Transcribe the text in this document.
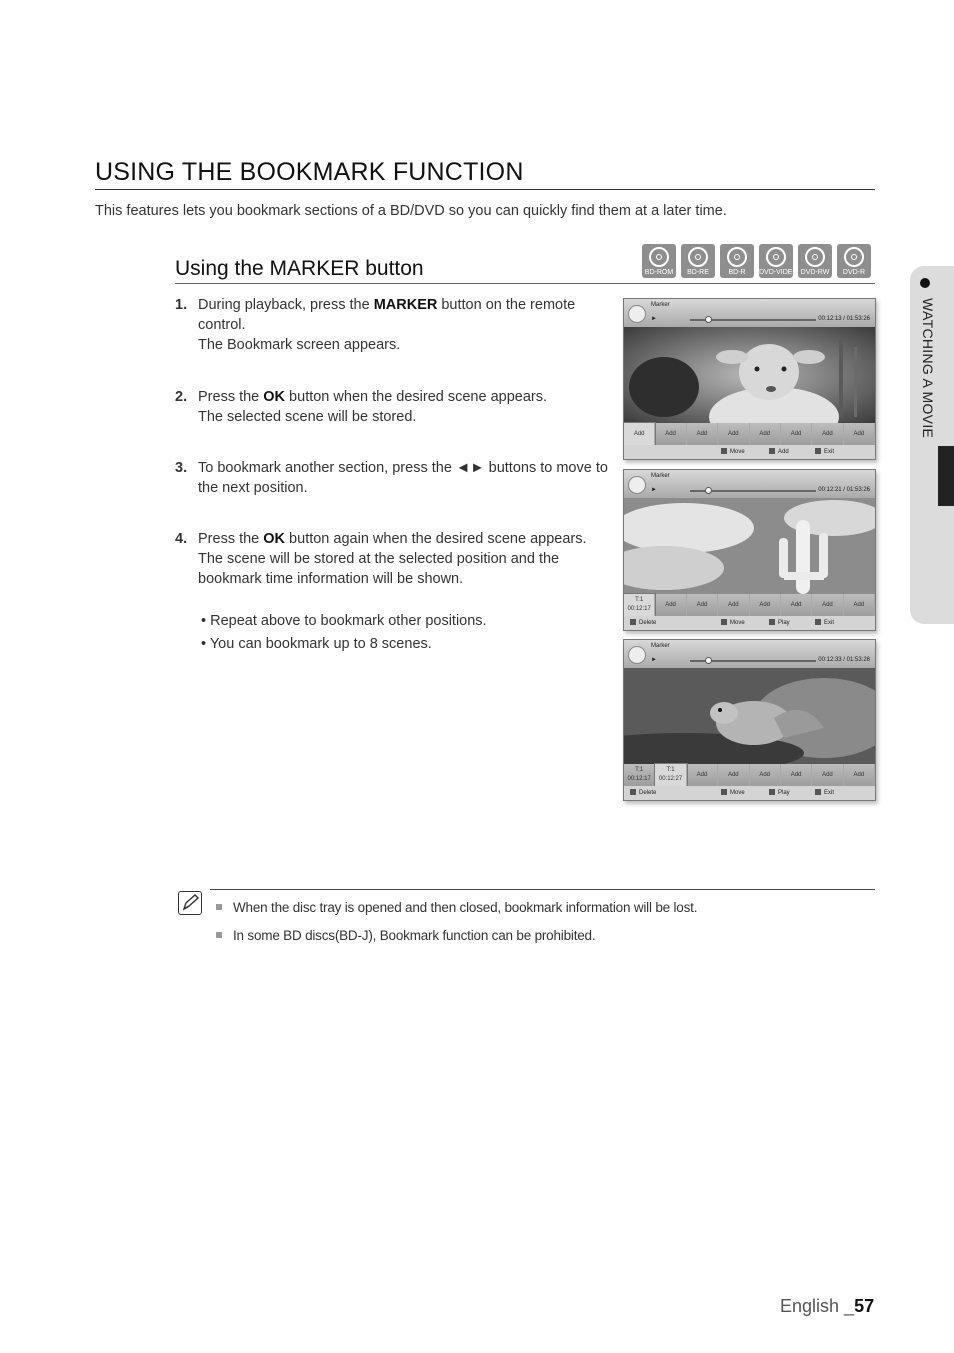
USING THE BOOKMARK FUNCTION
This features lets you bookmark sections of a BD/DVD so you can quickly find them at a later time.
Using the MARKER button	BD-ROM	BD-RE	BD-R	DVD-VIDEO DVD-RW	DVD-R
1. During playback, press the MARKER button on the remote control.
The Bookmark screen appears.
2. Press the OK button when the desired scene appears.
The selected scene will be stored.
3. To bookmark another section, press the ◄► buttons to move to the next position.
4. Press the OK button again when the desired scene appears.
The scene will be stored at the selected position and the bookmark time information will be shown.
• Repeat above to bookmark other positions.
• You can bookmark up to 8 scenes.
Marker
►	00:12:13 / 01:53:26
Add	Add	Add	Add	Add	Add	Add	Add
Move	Add	Exit
Marker
►	00:12:21 / 01:53:26
T:1
00:12:17
Add	Add	Add	Add	Add	Add	Add
Delete	Move	Play	Exit
Marker
►	00:12:33 / 01:53:26
T:1
00:12:17
T:1
00:12:27
Add	Add	Add	Add	Add	Add
Delete	Move	Play	Exit
WATCHING A MOVIE
When the disc tray is opened and then closed, bookmark information will be lost.
In some BD discs(BD-J), Bookmark function can be prohibited.
English _57
